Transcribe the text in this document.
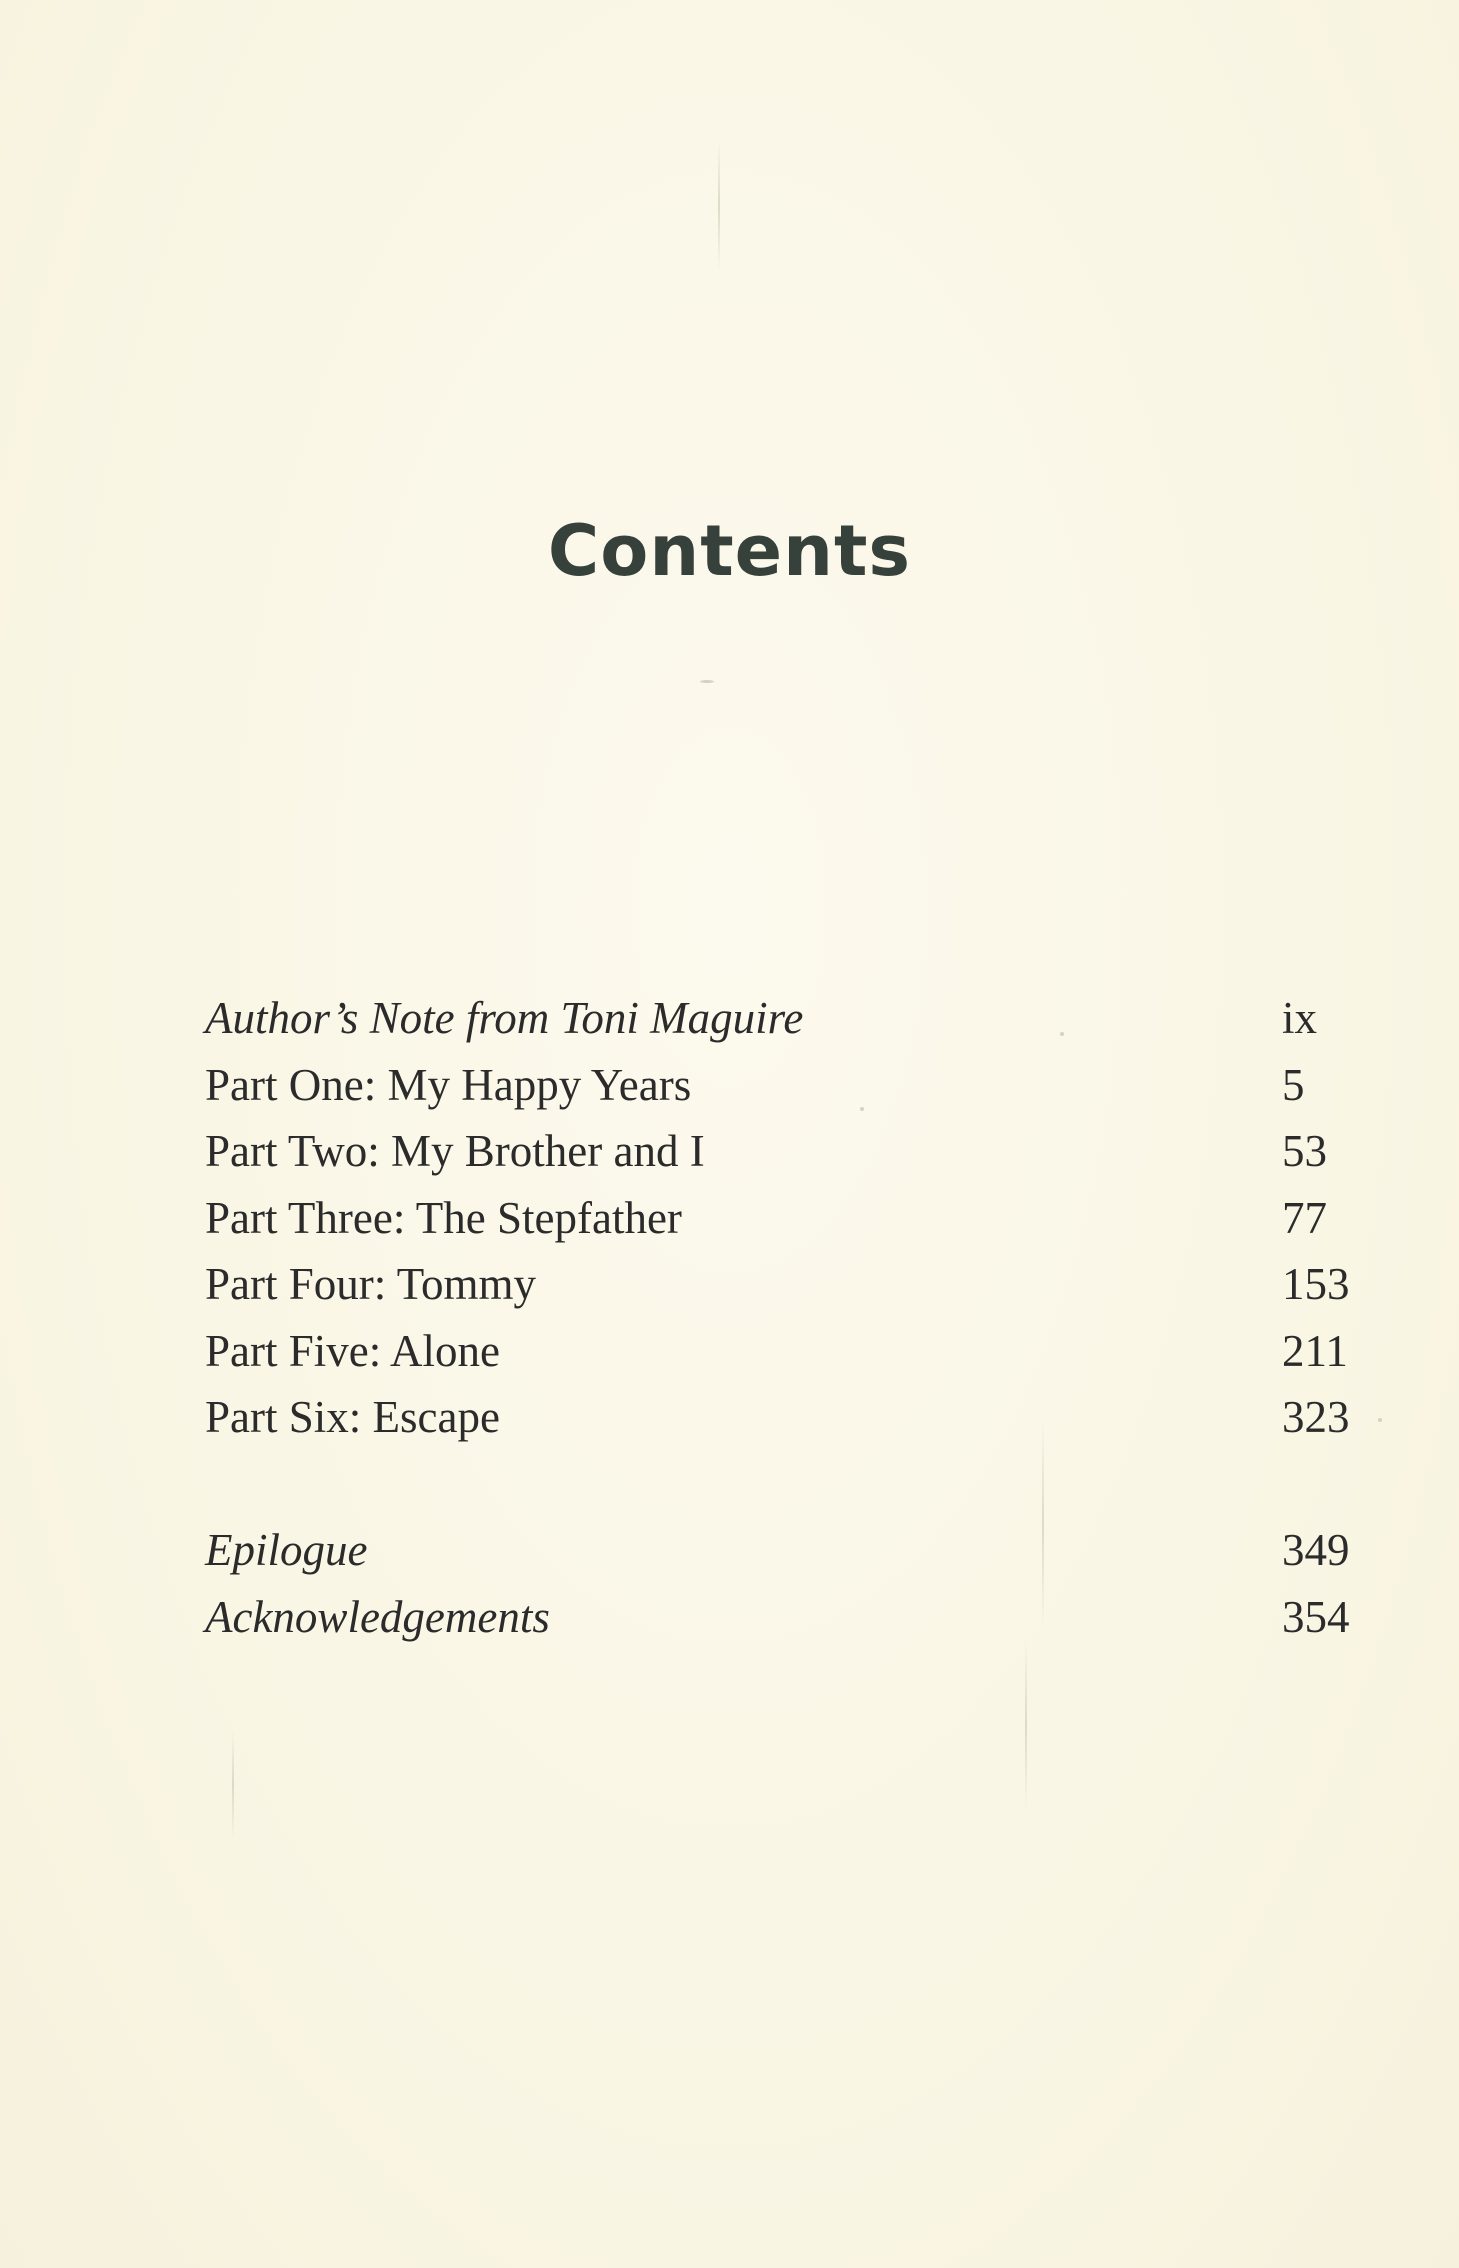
Contents
Author’s Note from Toni Maguire	ix
Part One: My Happy Years	5
Part Two: My Brother and I	53
Part Three: The Stepfather	77
Part Four: Tommy	153
Part Five: Alone	211
Part Six: Escape	323
Epilogue	349
Acknowledgements	354
